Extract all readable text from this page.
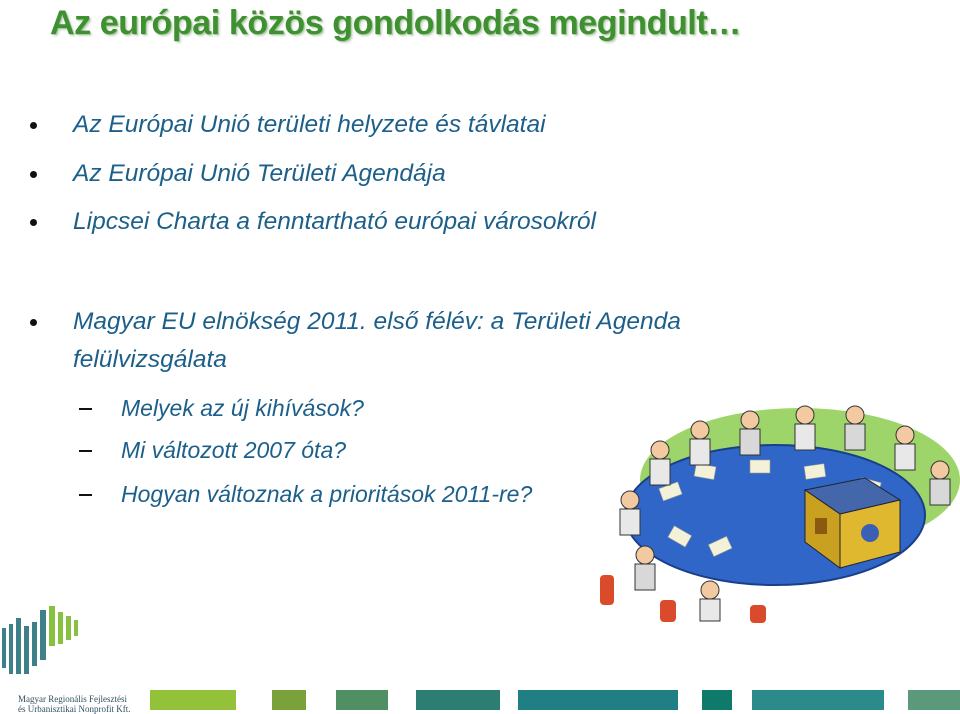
Az európai közös gondolkodás megindult…
Az Európai Unió területi helyzete és távlatai
Az Európai Unió Területi Agendája
Lipcsei Charta a fenntartható európai városokról
Magyar EU elnökség 2011. első félév: a Területi Agenda
felülvizsgálata
Melyek az új kihívások?
Mi változott 2007 óta?
Hogyan változnak a prioritások 2011-re?
Magyar Regionális Fejlesztési
és Urbanisztikai Nonprofit Kft.
